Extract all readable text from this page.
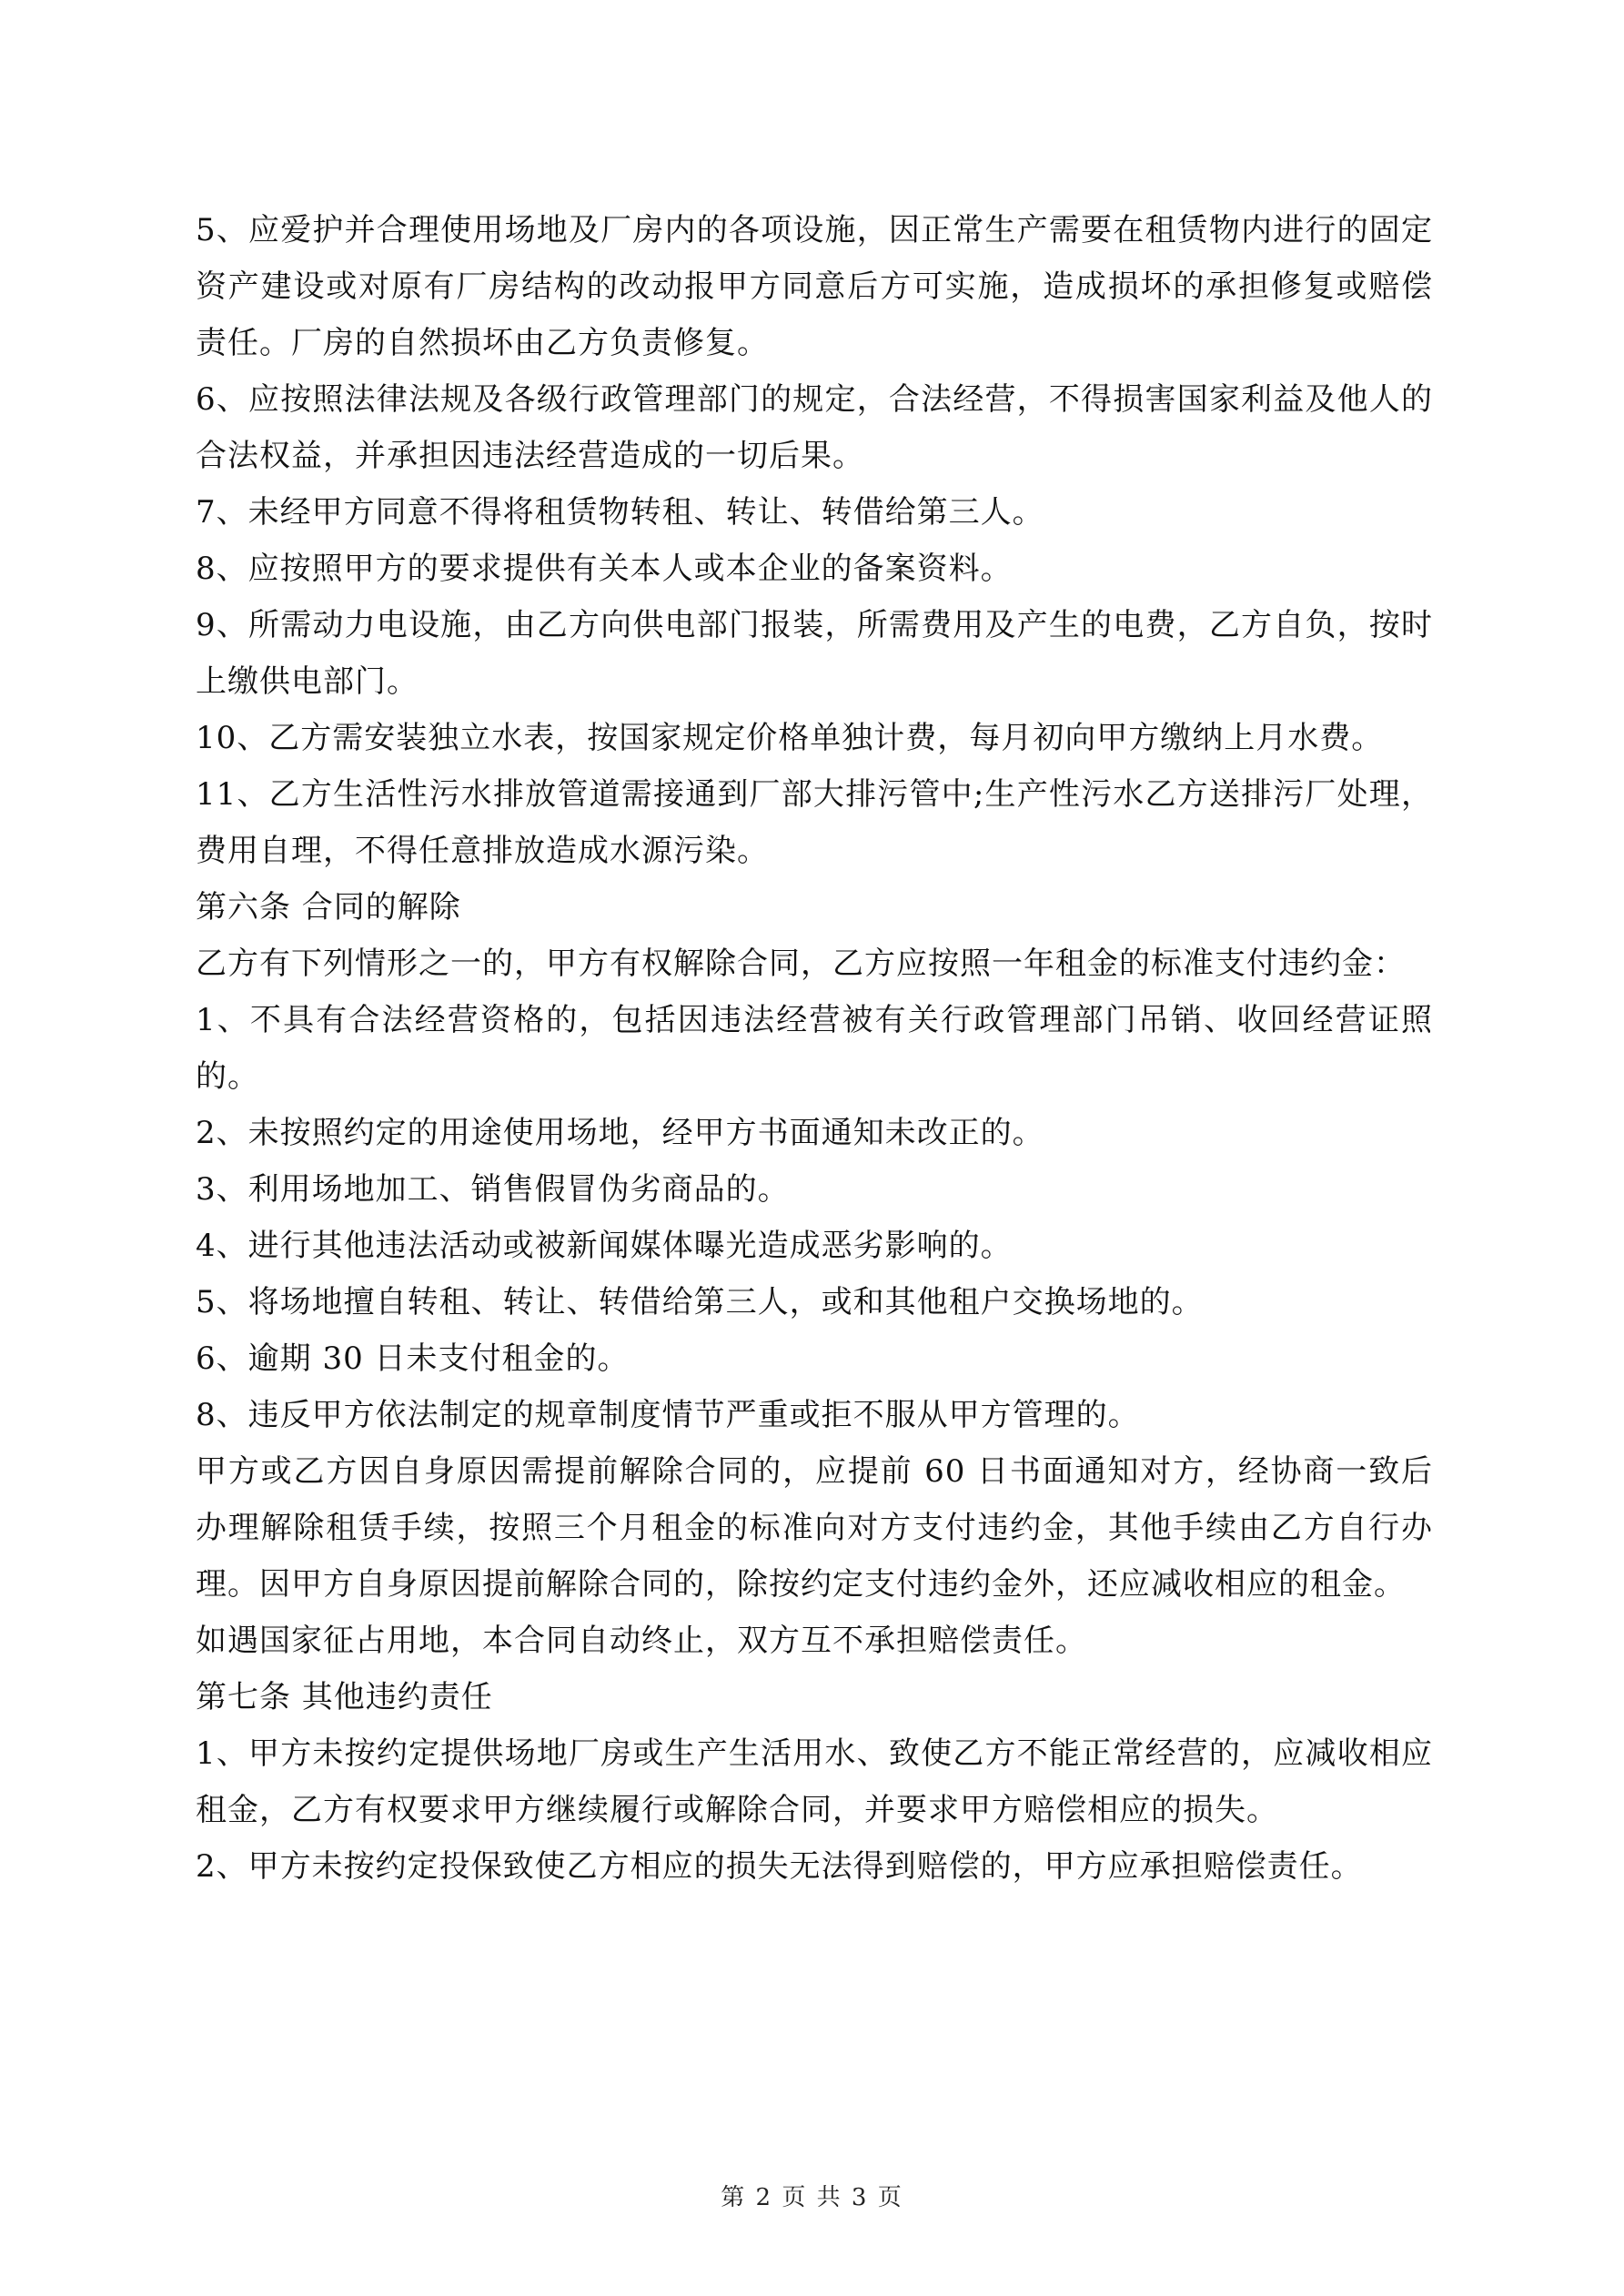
5、应爱护并合理使用场地及厂房内的各项设施，因正常生产需要在租赁物内进行的固定资产建设或对原有厂房结构的改动报甲方同意后方可实施，造成损坏的承担修复或赔偿责任。厂房的自然损坏由乙方负责修复。

6、应按照法律法规及各级行政管理部门的规定，合法经营，不得损害国家利益及他人的合法权益，并承担因违法经营造成的一切后果。

7、未经甲方同意不得将租赁物转租、转让、转借给第三人。

8、应按照甲方的要求提供有关本人或本企业的备案资料。

9、所需动力电设施，由乙方向供电部门报装，所需费用及产生的电费，乙方自负，按时上缴供电部门。

10、乙方需安装独立水表，按国家规定价格单独计费，每月初向甲方缴纳上月水费。

11、乙方生活性污水排放管道需接通到厂部大排污管中;生产性污水乙方送排污厂处理，费用自理，不得任意排放造成水源污染。

第六条 合同的解除

乙方有下列情形之一的，甲方有权解除合同，乙方应按照一年租金的标准支付违约金：

1、不具有合法经营资格的，包括因违法经营被有关行政管理部门吊销、收回经营证照的。

2、未按照约定的用途使用场地，经甲方书面通知未改正的。

3、利用场地加工、销售假冒伪劣商品的。

4、进行其他违法活动或被新闻媒体曝光造成恶劣影响的。

5、将场地擅自转租、转让、转借给第三人，或和其他租户交换场地的。

6、逾期 30 日未支付租金的。

8、违反甲方依法制定的规章制度情节严重或拒不服从甲方管理的。

甲方或乙方因自身原因需提前解除合同的，应提前 60 日书面通知对方，经协商一致后办理解除租赁手续，按照三个月租金的标准向对方支付违约金，其他手续由乙方自行办理。因甲方自身原因提前解除合同的，除按约定支付违约金外，还应减收相应的租金。

如遇国家征占用地，本合同自动终止，双方互不承担赔偿责任。

第七条 其他违约责任

1、甲方未按约定提供场地厂房或生产生活用水、致使乙方不能正常经营的，应减收相应租金，乙方有权要求甲方继续履行或解除合同，并要求甲方赔偿相应的损失。

2、甲方未按约定投保致使乙方相应的损失无法得到赔偿的，甲方应承担赔偿责任。

第 2 页 共 3 页
